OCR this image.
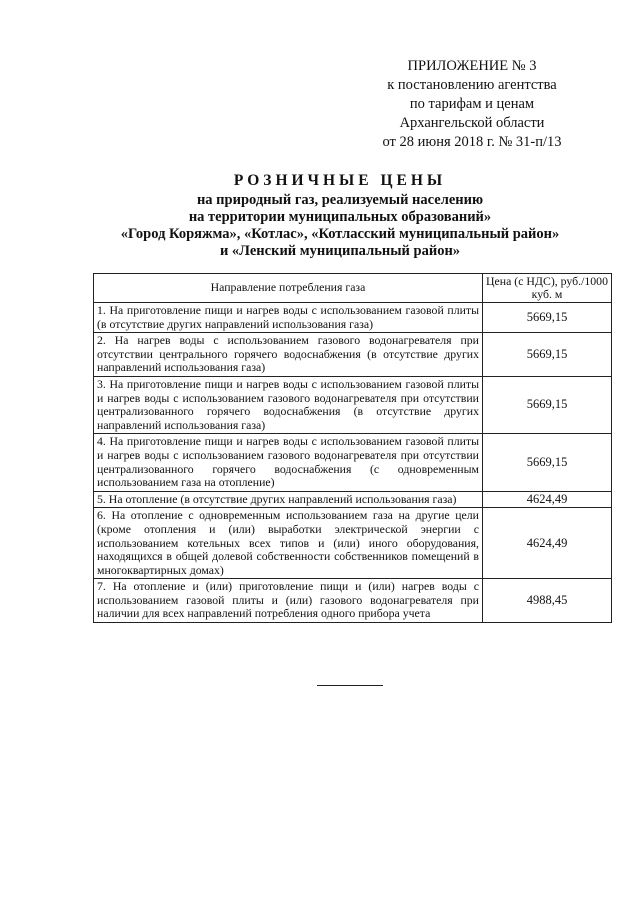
ПРИЛОЖЕНИЕ № 3
к постановлению агентства
по тарифам и ценам
Архангельской области
от 28 июня 2018 г. № 31-п/13
РОЗНИЧНЫЕ ЦЕНЫ
на природный газ, реализуемый населению
на территории муниципальных образований»
«Город Коряжма», «Котлас», «Котласский муниципальный район»
и «Ленский муниципальный район»
Направление потребления газа	Цена (с НДС), руб./1000 куб. м
1. На приготовление пищи и нагрев воды с использованием газовой плиты (в отсутствие других направлений использования газа)	5669,15
2. На нагрев воды с использованием газового водонагревателя при отсутствии центрального горячего водоснабжения (в отсутствие других направлений использования газа)	5669,15
3. На приготовление пищи и нагрев воды с использованием газовой плиты и нагрев воды с использованием газового водонагревателя при отсутствии централизованного горячего водоснабжения (в отсутствие других направлений использования газа)	5669,15
4. На приготовление пищи и нагрев воды с использованием газовой плиты и нагрев воды с использованием газового водонагревателя при отсутствии централизованного горячего водоснабжения (с одновременным использованием газа на отопление)	5669,15
5. На отопление (в отсутствие других направлений использования газа)	4624,49
6. На отопление с одновременным использованием газа на другие цели (кроме отопления и (или) выработки электрической энергии с использованием котельных всех типов и (или) иного оборудования, находящихся в общей долевой собственности собственников помещений в многоквартирных домах)	4624,49
7. На отопление и (или) приготовление пищи и (или) нагрев воды с использованием газовой плиты и (или) газового водонагревателя при наличии для всех направлений потребления одного прибора учета	4988,45
